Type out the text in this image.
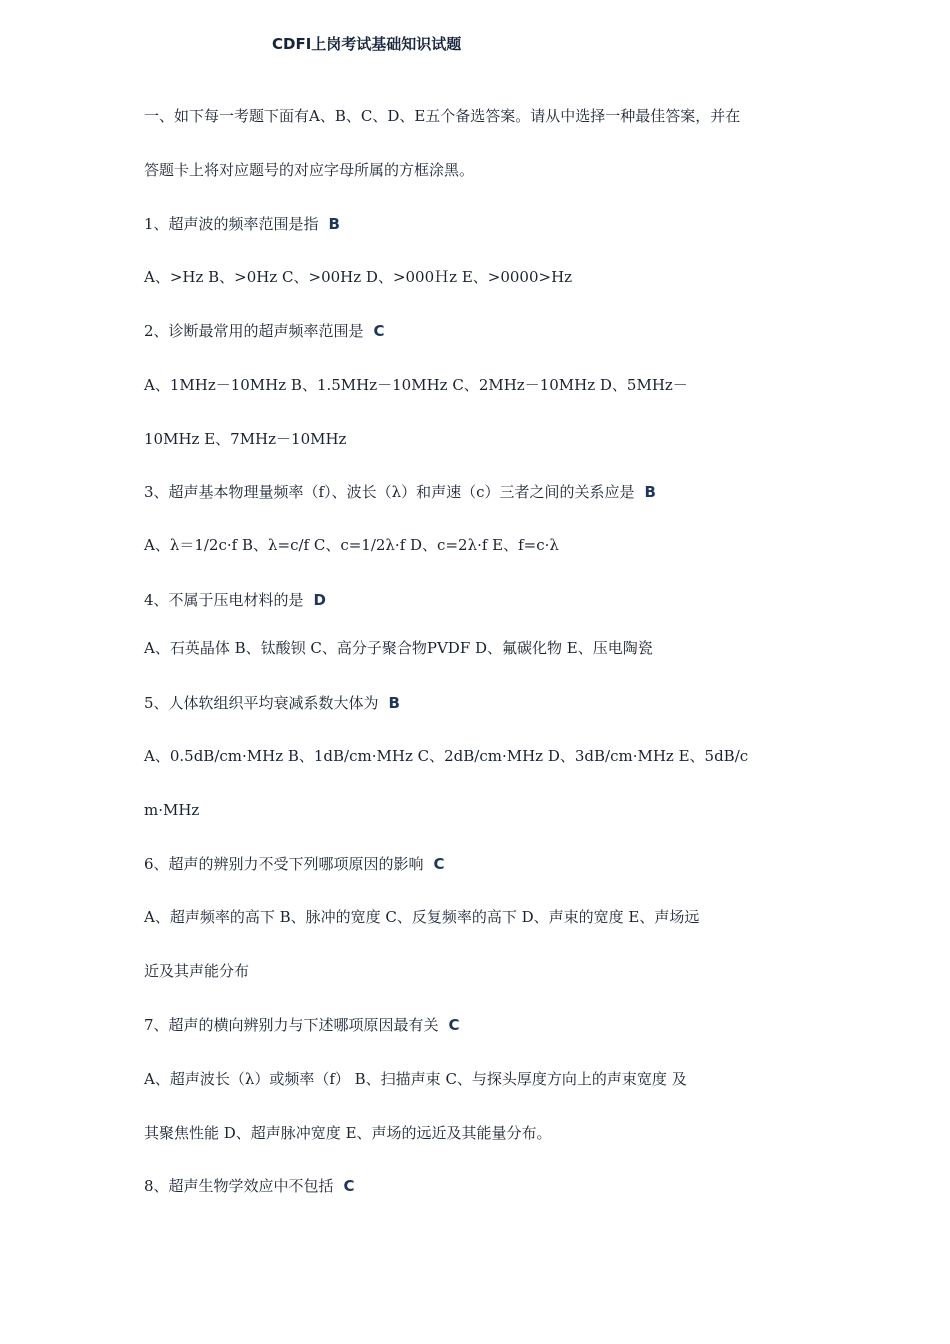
CDFI上岗考试基础知识试题
一、如下每一考题下面有A、B、C、D、E五个备选答案。请从中选择一种最佳答案，并在
答题卡上将对应题号的对应字母所属的方框涂黑。
1、超声波的频率范围是指 B
A、>Hz B、>0Hz C、>00Hz D、>000Ｈz E、>0000>Hz
2、诊断最常用的超声频率范围是 C
A、1MHz－10MHz B、1.5MHz－10MHz C、2MHz－10MHz D、5MHz－
10MHz E、7MHz－10MHz
3、超声基本物理量频率（f）、波长（λ）和声速（c）三者之间的关系应是 B
A、λ＝1/2c·f B、λ=c/f C、c=1/2λ·f D、c=2λ·f E、f=c·λ
4、不属于压电材料的是 D
A、石英晶体 B、钛酸钡 C、高分子聚合物PVDF D、氟碳化物 E、压电陶瓷
5、人体软组织平均衰减系数大体为 B
A、0.5dB/cm·MHz B、1dB/cm·MHz C、2dB/cm·MHz D、3dB/cm·MHz E、5dB/c
m·MHz
6、超声的辨别力不受下列哪项原因的影响 C
A、超声频率的高下 B、脉冲的宽度 C、反复频率的高下 D、声束的宽度 E、声场远
近及其声能分布
7、超声的横向辨别力与下述哪项原因最有关 C
A、超声波长（λ）或频率（f） B、扫描声束 C、与探头厚度方向上的声束宽度 及
其聚焦性能 D、超声脉冲宽度 E、声场的远近及其能量分布。
8、超声生物学效应中不包括 C
